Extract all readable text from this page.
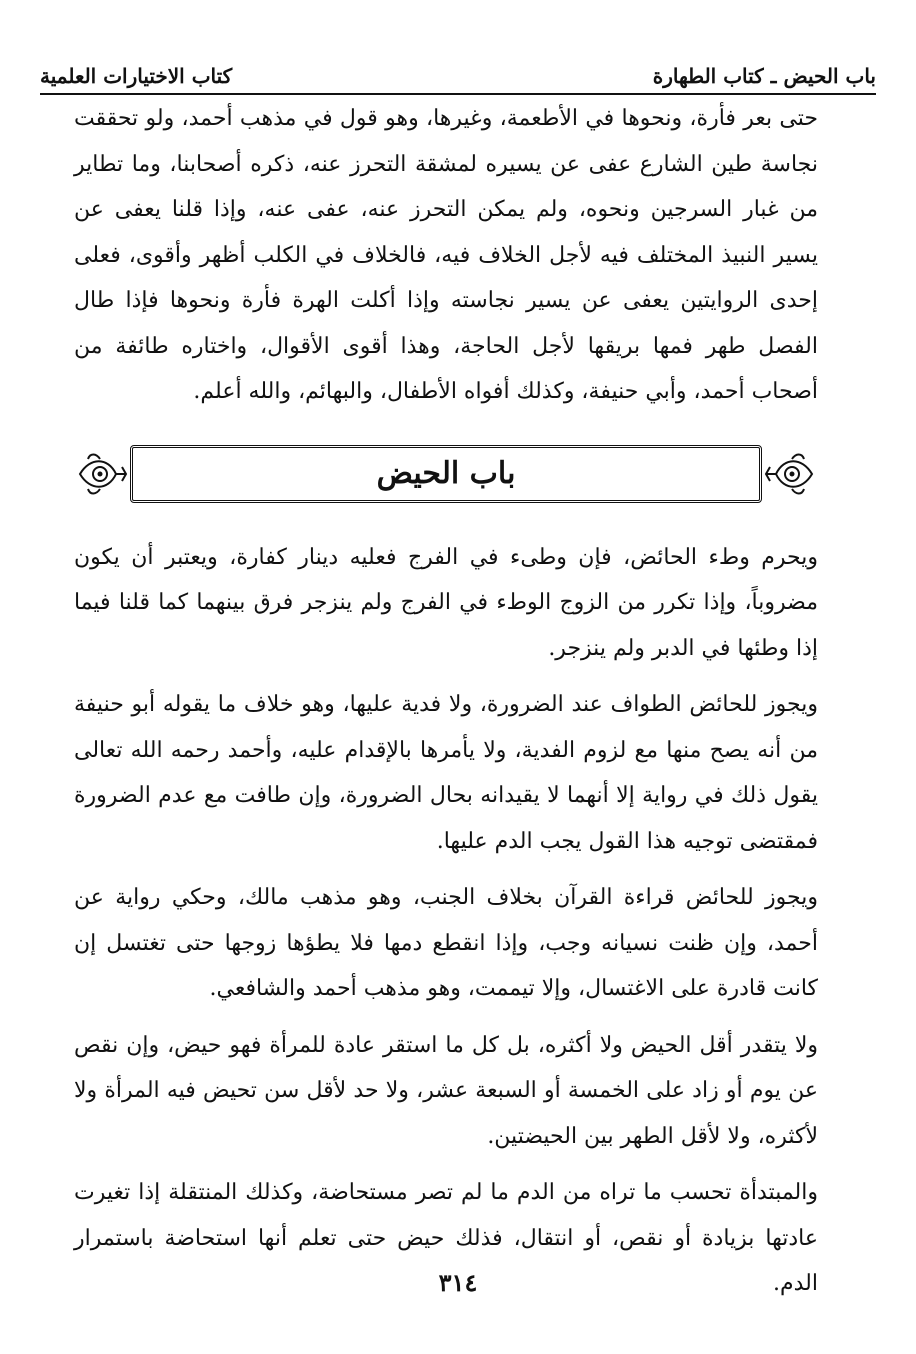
باب الحيض ـ كتاب الطهارة
كتاب الاختيارات العلمية

حتى بعر فأرة، ونحوها في الأطعمة، وغيرها، وهو قول في مذهب أحمد، ولو تحققت نجاسة طين الشارع عفى عن يسيره لمشقة التحرز عنه، ذكره أصحابنا، وما تطاير من غبار السرجين ونحوه، ولم يمكن التحرز عنه، عفى عنه، وإذا قلنا يعفى عن يسير النبيذ المختلف فيه لأجل الخلاف فيه، فالخلاف في الكلب أظهر وأقوى، فعلى إحدى الروايتين يعفى عن يسير نجاسته وإذا أكلت الهرة فأرة ونحوها فإذا طال الفصل طهر فمها بريقها لأجل الحاجة، وهذا أقوى الأقوال، واختاره طائفة من أصحاب أحمد، وأبي حنيفة، وكذلك أفواه الأطفال، والبهائم، والله أعلم.

باب الحيض

ويحرم وطء الحائض، فإن وطىء في الفرج فعليه دينار كفارة، ويعتبر أن يكون مضروباً، وإذا تكرر من الزوج الوطء في الفرج ولم ينزجر فرق بينهما كما قلنا فيما إذا وطئها في الدبر ولم ينزجر.

ويجوز للحائض الطواف عند الضرورة، ولا فدية عليها، وهو خلاف ما يقوله أبو حنيفة من أنه يصح منها مع لزوم الفدية، ولا يأمرها بالإقدام عليه، وأحمد رحمه الله تعالى يقول ذلك في رواية إلا أنهما لا يقيدانه بحال الضرورة، وإن طافت مع عدم الضرورة فمقتضى توجيه هذا القول يجب الدم عليها.

ويجوز للحائض قراءة القرآن بخلاف الجنب، وهو مذهب مالك، وحكي رواية عن أحمد، وإن ظنت نسيانه وجب، وإذا انقطع دمها فلا يطؤها زوجها حتى تغتسل إن كانت قادرة على الاغتسال، وإلا تيممت، وهو مذهب أحمد والشافعي.

ولا يتقدر أقل الحيض ولا أكثره، بل كل ما استقر عادة للمرأة فهو حيض، وإن نقص عن يوم أو زاد على الخمسة أو السبعة عشر، ولا حد لأقل سن تحيض فيه المرأة ولا لأكثره، ولا لأقل الطهر بين الحيضتين.

والمبتدأة تحسب ما تراه من الدم ما لم تصر مستحاضة، وكذلك المنتقلة إذا تغيرت عادتها بزيادة أو نقص، أو انتقال، فذلك حيض حتى تعلم أنها استحاضة باستمرار الدم.

٣١٤
